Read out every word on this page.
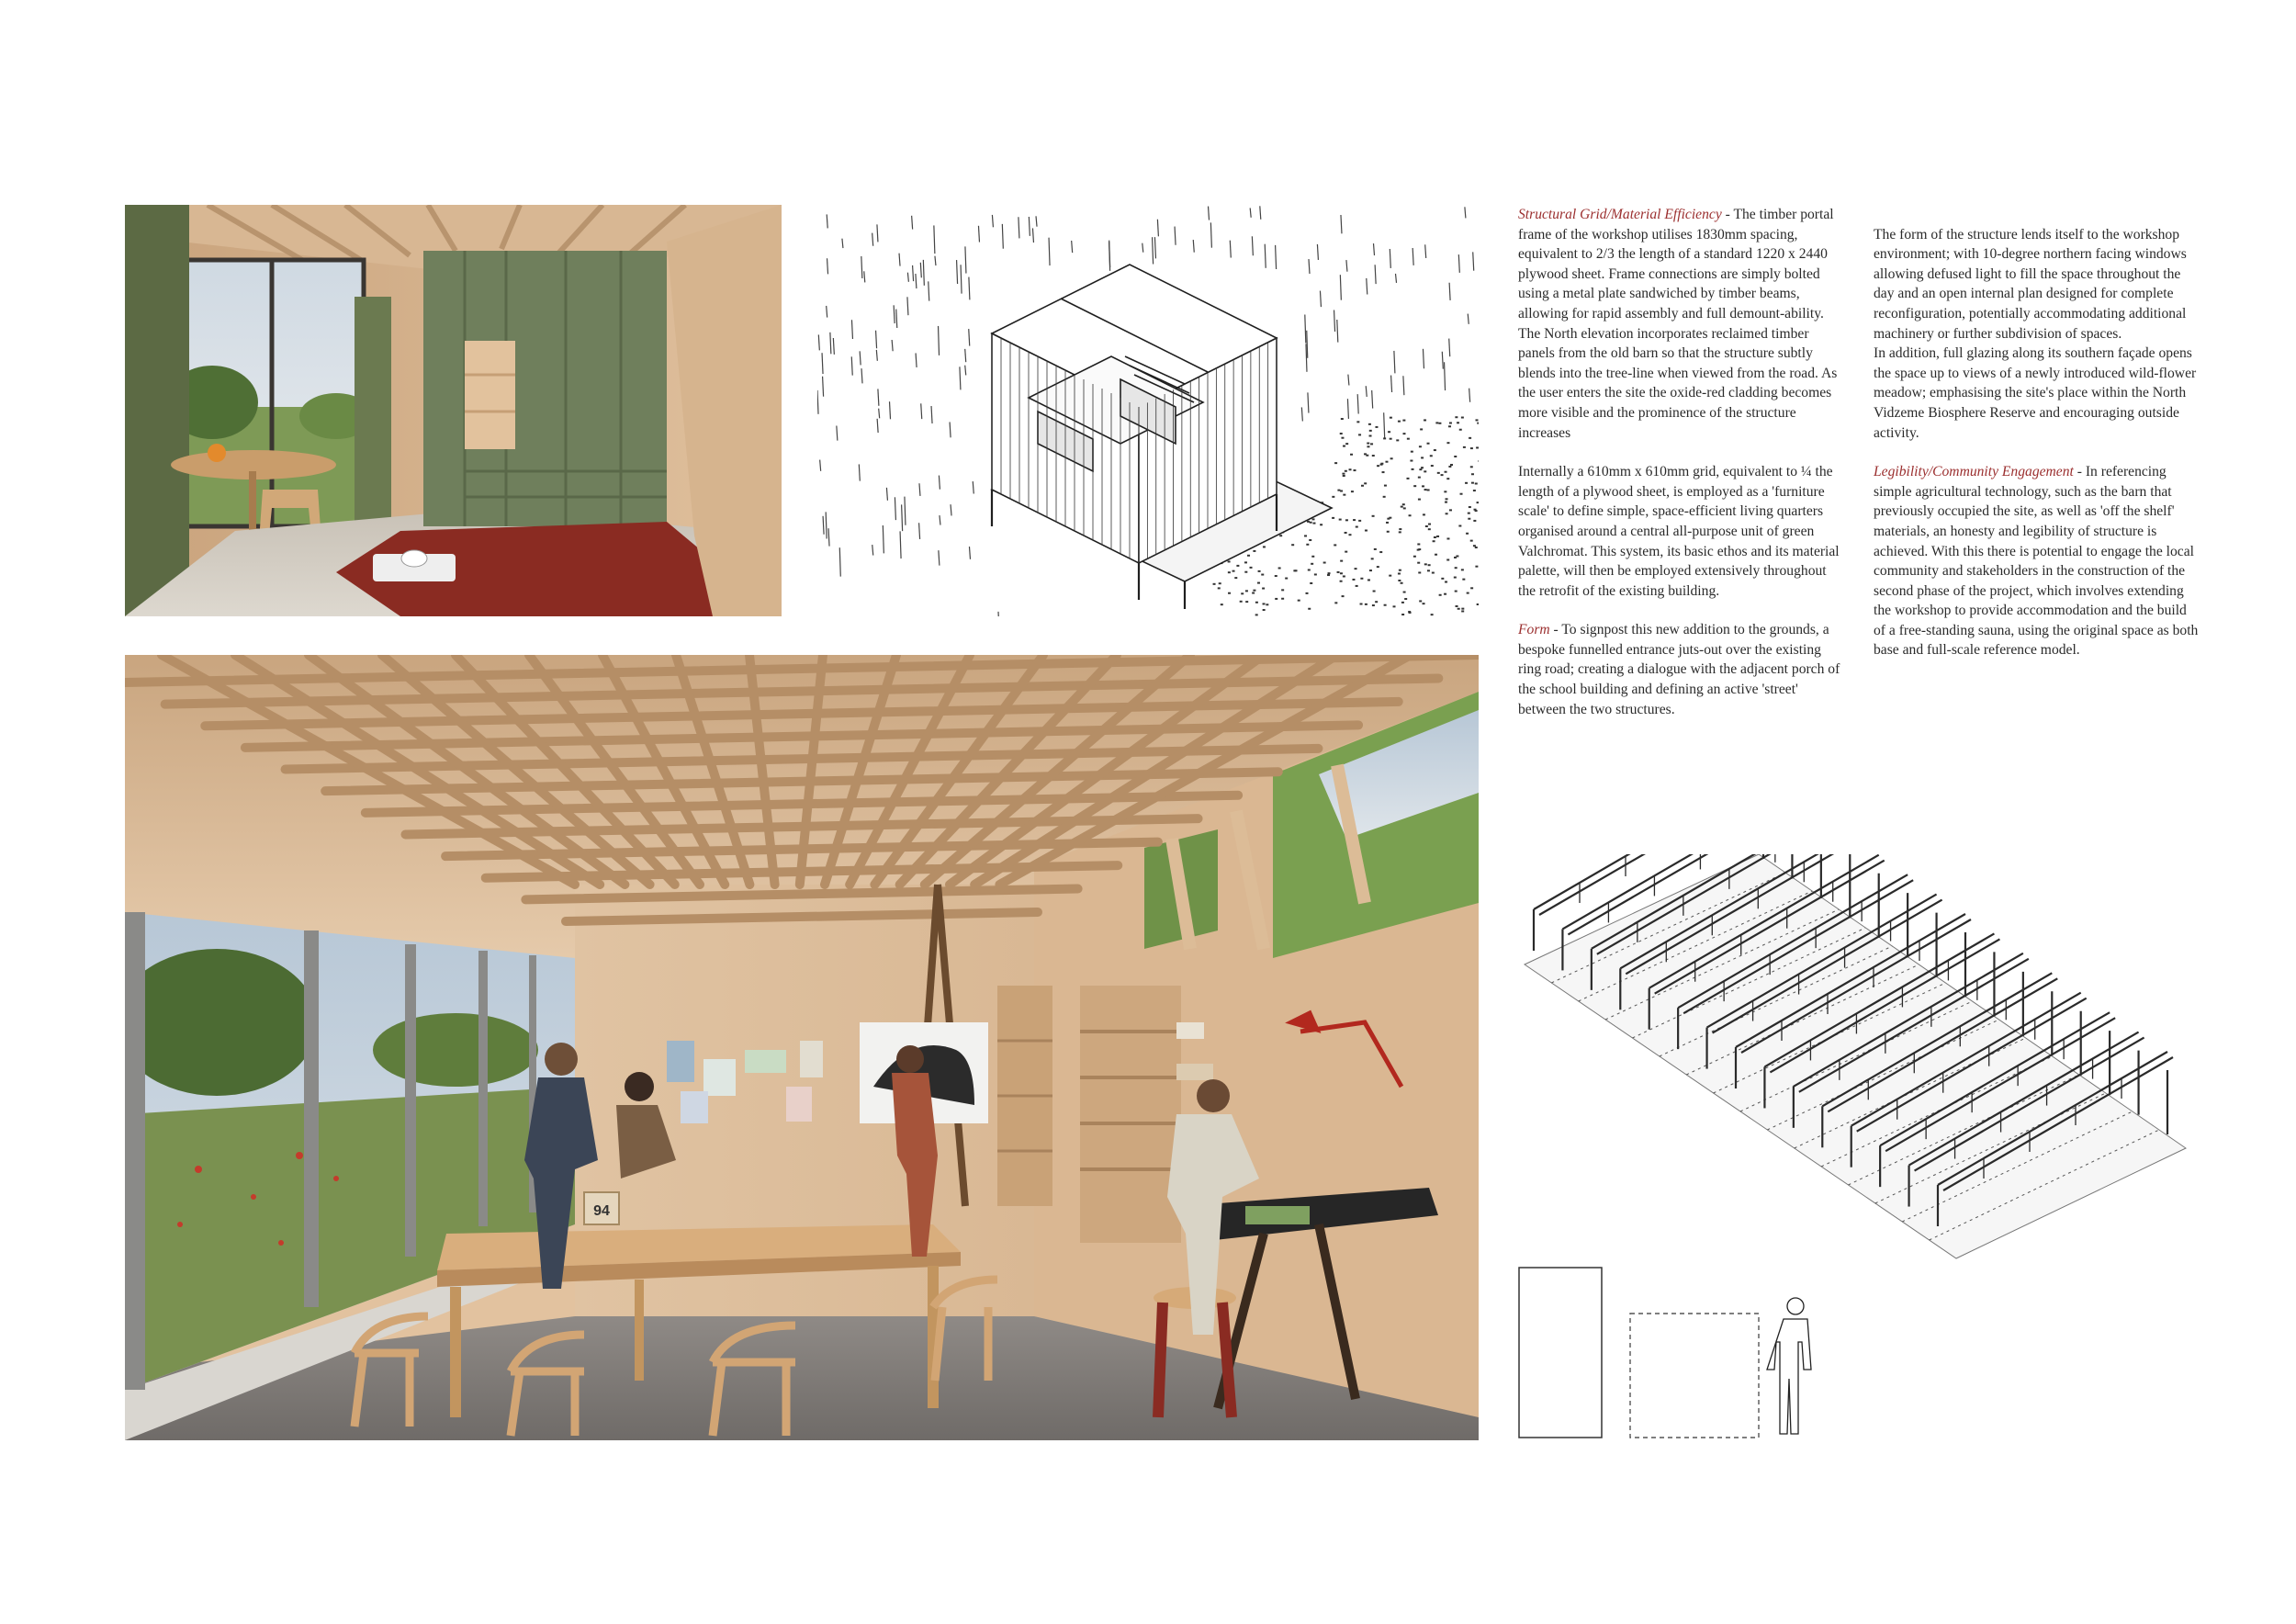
94

Structural Grid/Material Efficiency - The timber portal frame of the workshop utilises 1830mm spacing, equivalent to 2/3 the length of a standard 1220 x 2440 plywood sheet. Frame connections are simply bolted using a metal plate sandwiched by timber beams, allowing for rapid assembly and full demount-ability. The North elevation incorporates reclaimed timber panels from the old barn so that the structure subtly blends into the tree-line when viewed from the road. As the user enters the site the oxide-red cladding becomes more visible and the prominence of the structure increases

Internally a 610mm x 610mm grid, equivalent to ¼ the length of a plywood sheet, is employed as a 'furniture scale' to define simple, space-efficient living quarters organised around a central all-purpose unit of green Valchromat. This system, its basic ethos and its material palette, will then be employed extensively throughout the retrofit of the existing building.

Form - To signpost this new addition to the grounds, a bespoke funnelled entrance juts-out over the existing ring road; creating a dialogue with the adjacent porch of the school building and defining an active 'street' between the two structures.

The form of the structure lends itself to the workshop environment; with 10-degree northern facing windows allowing defused light to fill the space throughout the day and an open internal plan designed for complete reconfiguration, potentially accommodating additional machinery or further subdivision of spaces.
In addition, full glazing along its southern façade opens the space up to views of a newly introduced wild-flower meadow; emphasising the site's place within the North Vidzeme Biosphere Reserve and encouraging outside activity.

Legibility/Community Engagement - In referencing simple agricultural technology, such as the barn that previously occupied the site, as well as 'off the shelf' materials, an honesty and legibility of structure is achieved. With this there is potential to engage the local community and stakeholders in the construction of the second phase of the project, which involves extending the workshop to provide accommodation and the build of a free-standing sauna, using the original space as both base and full-scale reference model.
